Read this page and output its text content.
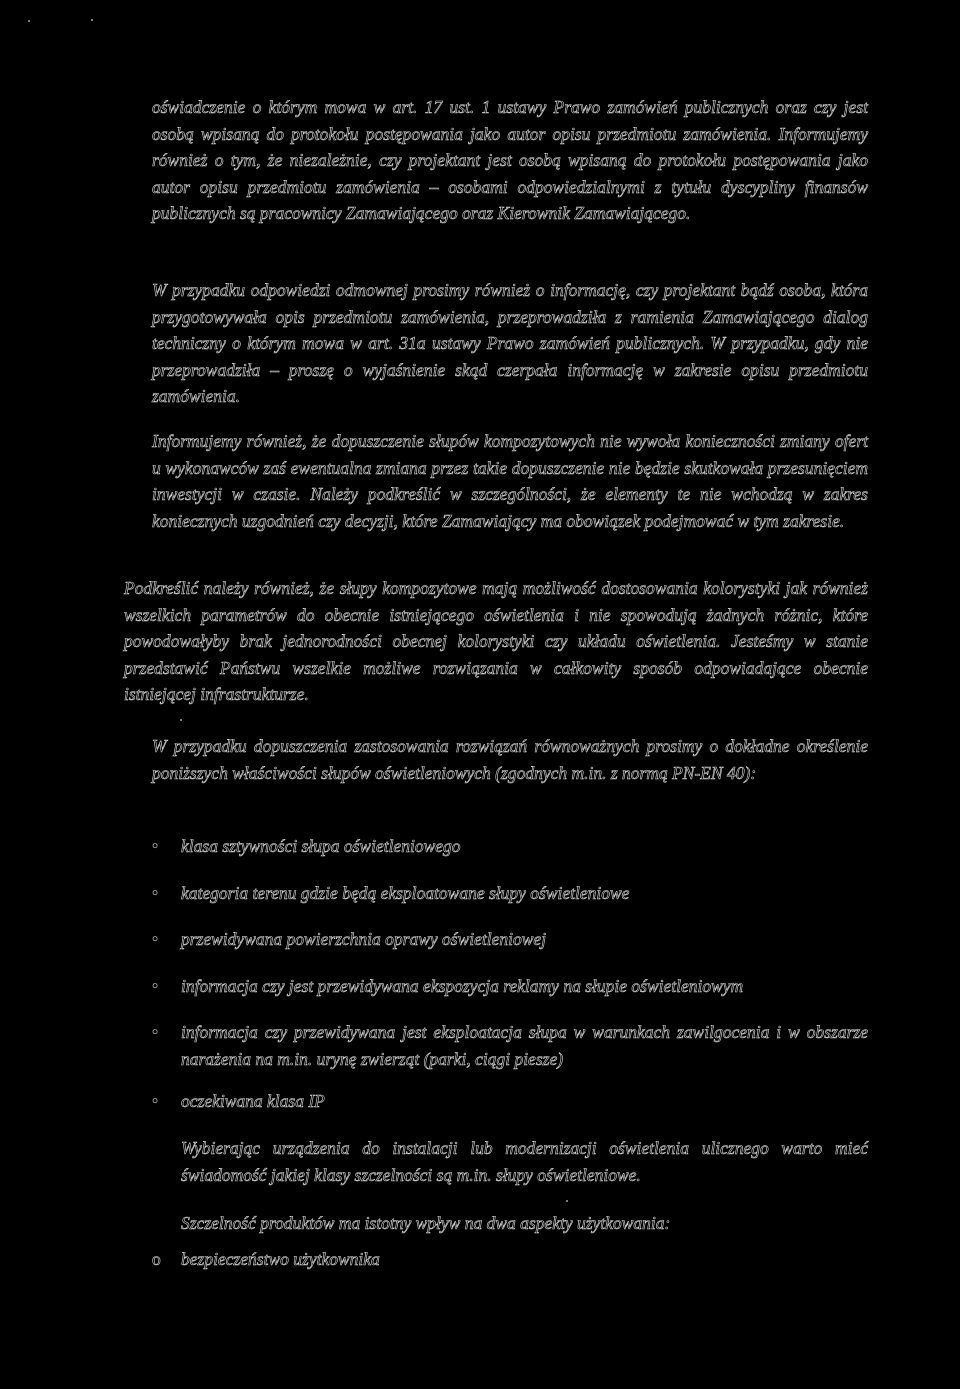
oświadczenie o którym mowa w art. 17 ust. 1 ustawy Prawo zamówień publicznych oraz czy jest osobą wpisaną do protokołu postępowania jako autor opisu przedmiotu zamówienia. Informujemy również o tym, że niezależnie, czy projektant jest osobą wpisaną do protokołu postępowania jako autor opisu przedmiotu zamówienia – osobami odpowiedzialnymi z tytułu dyscypliny finansów publicznych są pracownicy Zamawiającego oraz Kierownik Zamawiającego.

W przypadku odpowiedzi odmownej prosimy również o informację, czy projektant bądź osoba, która przygotowywała opis przedmiotu zamówienia, przeprowadziła z ramienia Zamawiającego dialog techniczny o którym mowa w art. 31a ustawy Prawo zamówień publicznych. W przypadku, gdy nie przeprowadziła – proszę o wyjaśnienie skąd czerpała informację w zakresie opisu przedmiotu zamówienia.

Informujemy również, że dopuszczenie słupów kompozytowych nie wywoła konieczności zmiany ofert u wykonawców zaś ewentualna zmiana przez takie dopuszczenie nie będzie skutkowała przesunięciem inwestycji w czasie. Należy podkreślić w szczególności, że elementy te nie wchodzą w zakres koniecznych uzgodnień czy decyzji, które Zamawiający ma obowiązek podejmować w tym zakresie.

Podkreślić należy również, że słupy kompozytowe mają możliwość dostosowania kolorystyki jak również wszelkich parametrów do obecnie istniejącego oświetlenia i nie spowodują żadnych różnic, które powodowałyby brak jednorodności obecnej kolorystyki czy układu oświetlenia. Jesteśmy w stanie przedstawić Państwu wszelkie możliwe rozwiązania w całkowity sposób odpowiadające obecnie istniejącej infrastrukturze.

W przypadku dopuszczenia zastosowania rozwiązań równoważnych prosimy o dokładne określenie poniższych właściwości słupów oświetleniowych (zgodnych m.in. z normą PN-EN 40):

• klasa sztywności słupa oświetleniowego
• kategoria terenu gdzie będą eksploatowane słupy oświetleniowe
• przewidywana powierzchnia oprawy oświetleniowej
• informacja czy jest przewidywana ekspozycja reklamy na słupie oświetleniowym
• informacja czy przewidywana jest eksploatacja słupa w warunkach zawilgocenia i w obszarze narażenia na m.in. urynę zwierząt (parki, ciągi piesze)
• oczekiwana klasa IP

Wybierając urządzenia do instalacji lub modernizacji oświetlenia ulicznego warto mieć świadomość jakiej klasy szczelności są m.in. słupy oświetleniowe.

Szczelność produktów ma istotny wpływ na dwa aspekty użytkowania:

o bezpieczeństwo użytkownika
